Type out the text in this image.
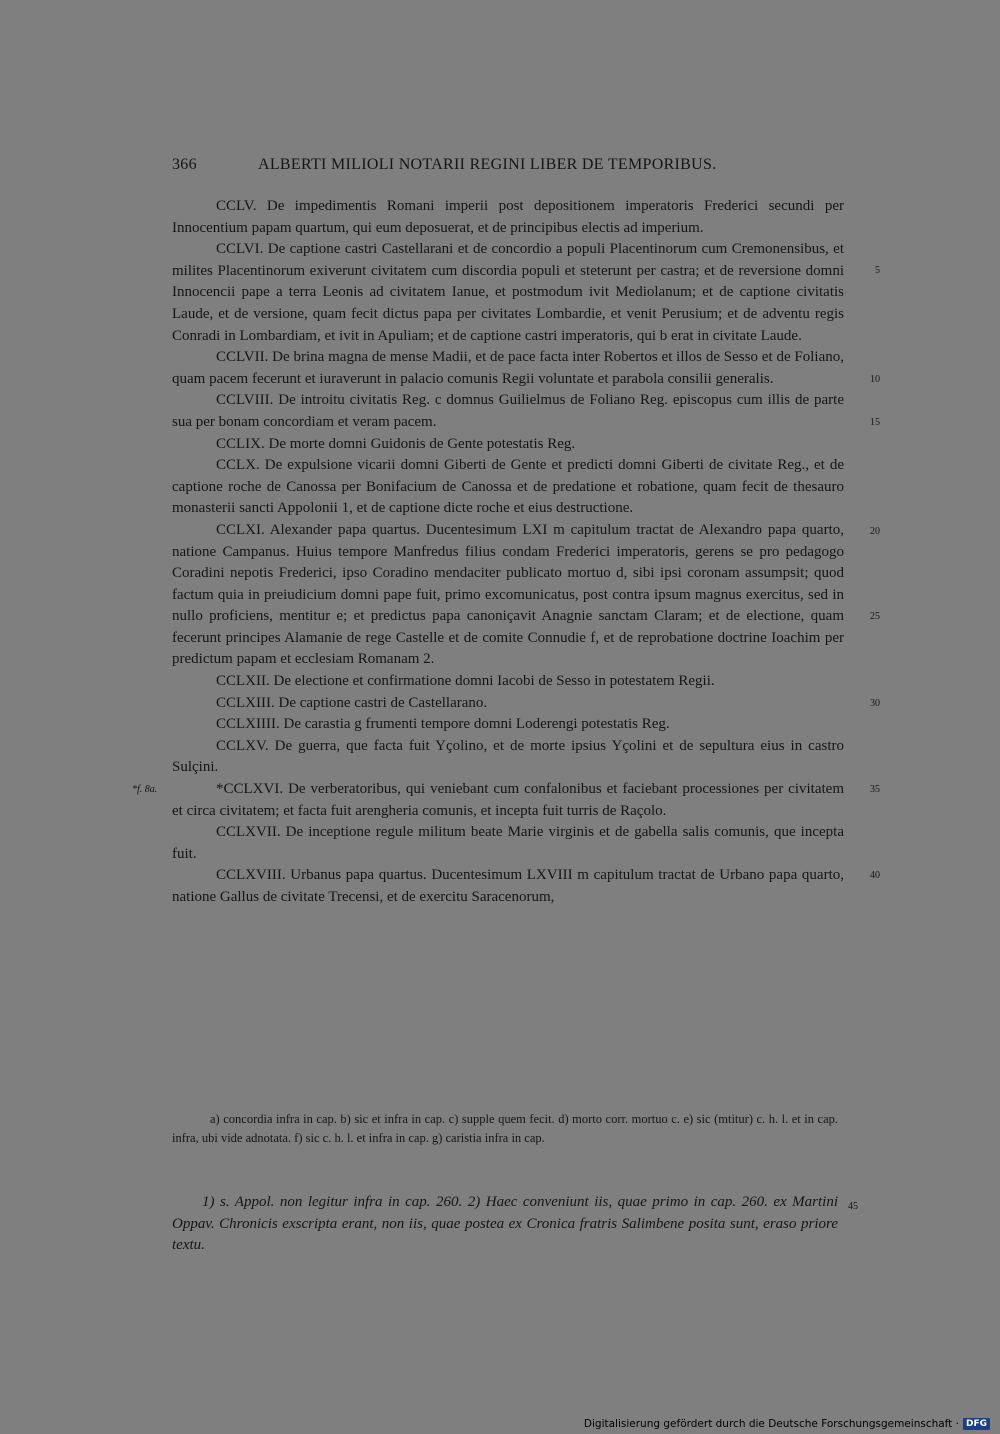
366	ALBERTI MILIOLI NOTARII REGINI LIBER DE TEMPORIBUS.

CCLV. De impedimentis Romani imperii post depositionem imperatoris Frederici secundi per Innocentium papam quartum, qui eum deposuerat, et de principibus electis ad imperium.

CCLVI. De captione castri Castellarani et de concordio a populi Placentinorum cum Cremonensibus, et milites Placentinorum exiverunt civitatem cum discordia populi et steterunt per castra; et de reversione domni Innocencii pape a terra Leonis ad civitatem Ianue, et postmodum ivit Mediolanum; et de captione civitatis Laude, et de versione, quam fecit dictus papa per civitates Lombardie, et venit Perusium; et de adventu regis Conradi in Lombardiam, et ivit in Apuliam; et de captione castri imperatoris, qui b erat in civitate Laude.
5
10

CCLVII. De brina magna de mense Madii, et de pace facta inter Robertos et illos de Sesso et de Foliano, quam pacem fecerunt et iuraverunt in palacio comunis Regii voluntate et parabola consilii generalis.

CCLVIII. De introitu civitatis Reg. c domnus Guilielmus de Foliano Reg. episcopus cum illis de parte sua per bonam concordiam et veram pacem.	15

CCLIX. De morte domni Guidonis de Gente potestatis Reg.

CCLX. De expulsione vicarii domni Giberti de Gente et predicti domni Giberti de civitate Reg., et de captione roche de Canossa per Bonifacium de Canossa et de predatione et robatione, quam fecit de thesauro monasterii sancti Appolonii 1, et de captione dicte roche et eius destructione.
20

CCLXI. Alexander papa quartus. Ducentesimum LXI m capitulum tractat de Alexandro papa quarto, natione Campanus. Huius tempore Manfredus filius condam Frederici imperatoris, gerens se pro pedagogo Coradini nepotis Frederici, ipso Coradino mendaciter publicato mortuo d, sibi ipsi coronam assumpsit; quod factum quia in preiudicium domni pape fuit, primo excomunicatus, post contra ipsum magnus exercitus, sed in nullo proficiens, mentitur e; et predictus papa canoniçavit Anagnie sanctam Claram; et de electione, quam fecerunt principes Alamanie de rege Castelle et de comite Connudie f, et de reprobatione doctrine Ioachim per predictum papam et ecclesiam Romanam 2.
25

CCLXII. De electione et confirmatione domni Iacobi de Sesso in potestatem Regii.
30

CCLXIII. De captione castri de Castellarano.

CCLXIIII. De carastia g frumenti tempore domni Loderengi potestatis Reg.

CCLXV. De guerra, que facta fuit Yçolino, et de morte ipsius Yçolini et de sepultura eius in castro Sulçini.

*f. 8a.	*CCLXVI. De verberatoribus, qui veniebant cum confalonibus et faciebant processiones per civitatem et circa civitatem; et facta fuit arengheria comunis, et incepta fuit turris de Raçolo.
35

CCLXVII. De inceptione regule militum beate Marie virginis et de gabella salis comunis, que incepta fuit.

CCLXVIII. Urbanus papa quartus. Ducentesimum LXVIII m capitulum tractat de Urbano papa quarto, natione Gallus de civitate Trecensi, et de exercitu Saracenorum,
40

a) concordia infra in cap. b) sic et infra in cap. c) supple quem fecit. d) morto corr. mortuo c. e) sic (mtitur) c. h. l. et in cap. infra, ubi vide adnotata. f) sic c. h. l. et infra in cap. g) caristia infra in cap.

1) s. Appol. non legitur infra in cap. 260. 2) Haec conveniunt iis, quae primo in cap. 260. ex Martini Oppav. Chronicis exscripta erant, non iis, quae postea ex Cronica fratris Salimbene posita sunt, eraso priore textu.

45
Digitalisierung gefördert durch die Deutsche Forschungsgemeinschaft · DFG
